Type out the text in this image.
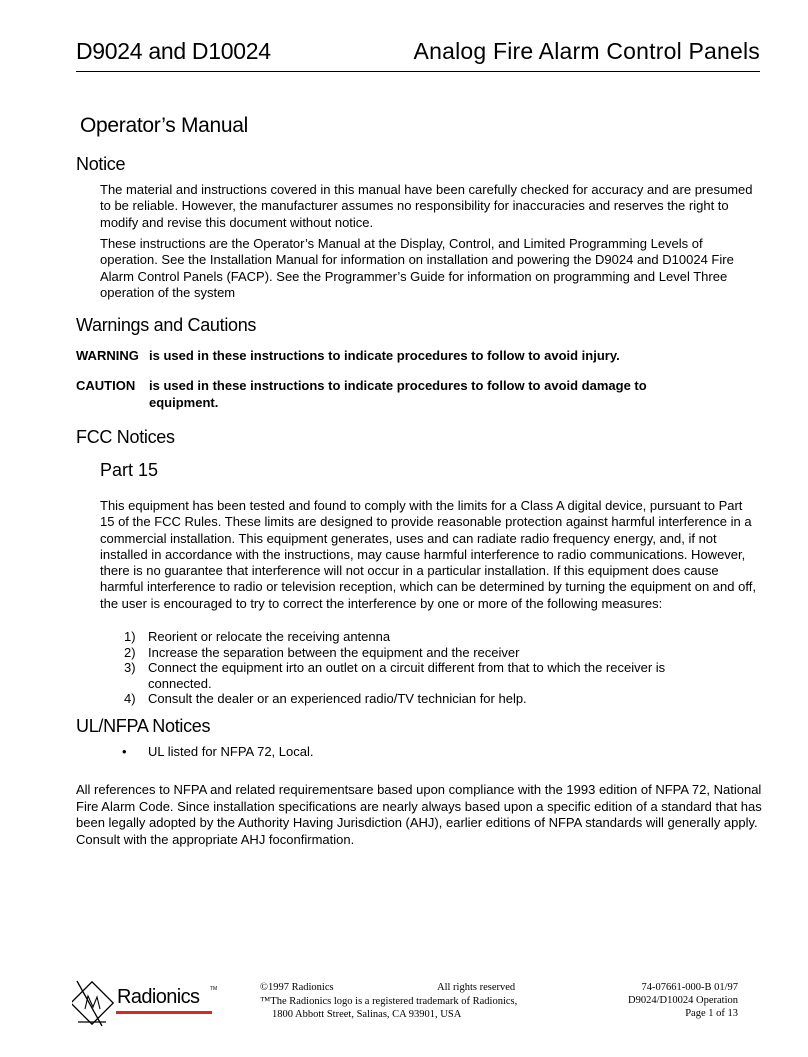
D9024 and D10024	Analog Fire Alarm Control Panels
Operator’s Manual
Notice
The material and instructions covered in this manual have been carefully checked for accuracy and are presumed to be reliable. However, the manufacturer assumes no responsibility for inaccuracies and reserves the right to modify and revise this document without notice.
These instructions are the Operator’s Manual at the Display, Control, and Limited Programming Levels of operation. See the Installation Manual for information on installation and powering the D9024 and D10024 Fire Alarm Control Panels (FACP). See the Programmer’s Guide for information on programming and Level Three operation of the system
Warnings and Cautions
WARNING is used in these instructions to indicate procedures to follow to avoid injury.
CAUTION is used in these instructions to indicate procedures to follow to avoid damage to equipment.
FCC Notices
Part 15
This equipment has been tested and found to comply with the limits for a Class A digital device, pursuant to Part 15 of the FCC Rules. These limits are designed to provide reasonable protection against harmful interference in a commercial installation. This equipment generates, uses and can radiate radio frequency energy, and, if not installed in accordance with the instructions, may cause harmful interference to radio communications. However, there is no guarantee that interference will not occur in a particular installation. If this equipment does cause harmful interference to radio or television reception, which can be determined by turning the equipment on and off, the user is encouraged to try to correct the interference by one or more of the following measures:
1) Reorient or relocate the receiving antenna
2) Increase the separation between the equipment and the receiver
3) Connect the equipment irto an outlet on a circuit different from that to which the receiver is connected.
4) Consult the dealer or an experienced radio/TV technician for help.
UL/NFPA Notices
• UL listed for NFPA 72, Local.
All references to NFPA and related requirementsare based upon compliance with the 1993 edition of NFPA 72, National Fire Alarm Code. Since installation specifications are nearly always based upon a specific edition of a standard that has been legally adopted by the Authority Having Jurisdiction (AHJ), earlier editions of NFPA standards will generally apply. Consult with the appropriate AHJ foconfirmation.
Radionics TM	©1997 Radionics	All rights reserved
™The Radionics logo is a registered trademark of Radionics,
1800 Abbott Street, Salinas, CA 93901, USA
74-07661-000-B 01/97
D9024/D10024 Operation
Page 1 of 13
